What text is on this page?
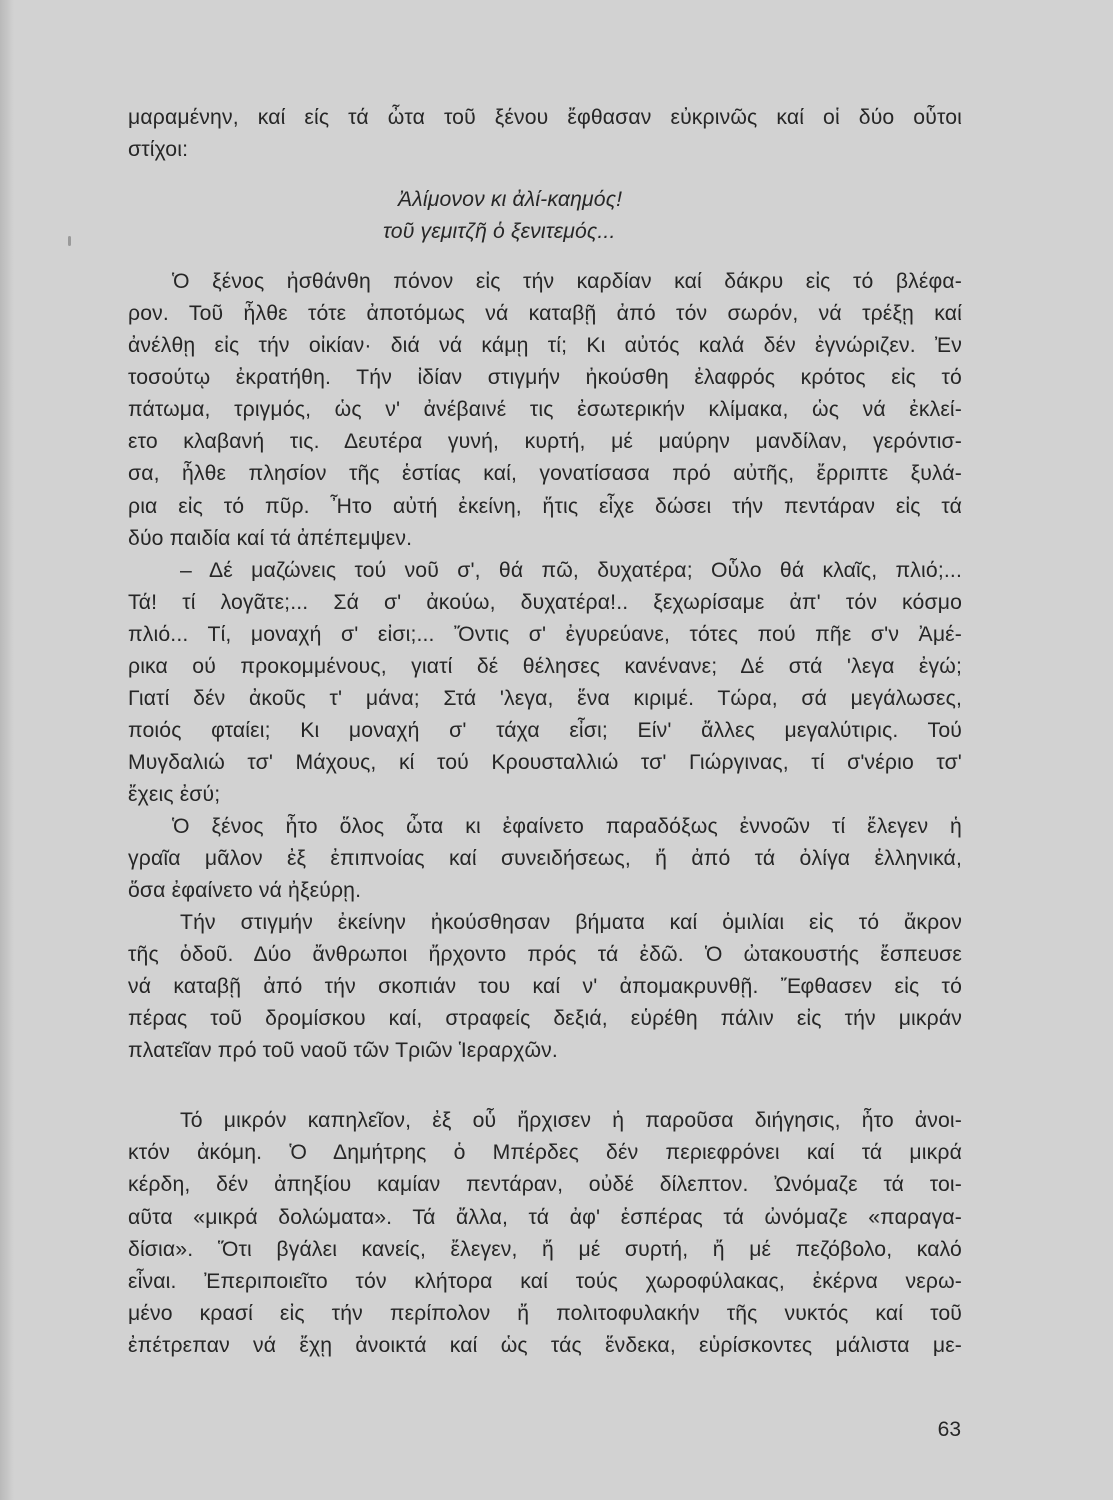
μαραμένην, καί είς τά ὦτα τοῦ ξένου ἔφθασαν εὐκρινῶς καί οἱ δύο οὗτοι
στίχοι:
Ἀλίμονον κι ἀλί-καημός!
τοῦ γεμιτζῆ ὁ ξενιτεμός...
Ὁ ξένος ἠσθάνθη πόνον εἰς τήν καρδίαν καί δάκρυ εἰς τό βλέφα-
ρον. Τοῦ ἦλθε τότε ἀποτόμως νά καταβῇ ἀπό τόν σωρόν, νά τρέξῃ καί
ἀνέλθῃ εἰς τήν οἰκίαν· διά νά κάμῃ τί; Κι αὐτός καλά δέν ἐγνώριζεν. Ἐν
τοσούτῳ ἐκρατήθη. Τήν ἰδίαν στιγμήν ἠκούσθη ἐλαφρός κρότος εἰς τό
πάτωμα, τριγμός, ὡς ν' ἀνέβαινέ τις ἐσωτερικήν κλίμακα, ὡς νά ἐκλεί-
ετο κλαβανή τις. Δευτέρα γυνή, κυρτή, μέ μαύρην μανδίλαν, γερόντισ-
σα, ἦλθε πλησίον τῆς ἑστίας καί, γονατίσασα πρό αὐτῆς, ἔρριπτε ξυλά-
ρια εἰς τό πῦρ. Ἦτο αὐτή ἐκείνη, ἥτις εἶχε δώσει τήν πεντάραν εἰς τά
δύο παιδία καί τά ἀπέπεμψεν.
– Δέ μαζώνεις τού νοῦ σ', θά πῶ, δυχατέρα; Οὗλο θά κλαῖς, πλιό;...
Τά! τί λογᾶτε;... Σά σ' ἀκούω, δυχατέρα!.. ξεχωρίσαμε ἀπ' τόν κόσμο
πλιό... Τί, μοναχή σ' εἰσι;... Ὄντις σ' ἐγυρεύανε, τότες πού πῆε σ'ν Ἀμέ-
ρικα ού προκομμένους, γιατί δέ θέλησες κανένανε; Δέ στά 'λεγα ἐγώ;
Γιατί δέν ἀκοῦς τ' μάνα; Στά 'λεγα, ἕνα κιριμέ. Τώρα, σά μεγάλωσες,
ποιός φταίει; Κι μοναχή σ' τάχα εἶσι; Είν' ἄλλες μεγαλύτιρις. Τού
Μυγδαλιώ τσ' Μάχους, κί τού Κρουσταλλιώ τσ' Γιώργινας, τί σ'νέριο τσ'
ἔχεις ἐσύ;
Ὁ ξένος ἦτο ὅλος ὦτα κι ἐφαίνετο παραδόξως ἐννοῶν τί ἔλεγεν ἡ
γραῖα μᾶλον ἐξ ἐπιπνοίας καί συνειδήσεως, ἤ ἀπό τά ὀλίγα ἑλληνικά,
ὅσα ἐφαίνετο νά ἠξεύρῃ.
Τήν στιγμήν ἐκείνην ἠκούσθησαν βήματα καί ὁμιλίαι εἰς τό ἄκρον
τῆς ὁδοῦ. Δύο ἄνθρωποι ἤρχοντο πρός τά ἐδῶ. Ὁ ὠτακουστής ἔσπευσε
νά καταβῇ ἀπό τήν σκοπιάν του καί ν' ἀπομακρυνθῇ. Ἔφθασεν εἰς τό
πέρας τοῦ δρομίσκου καί, στραφείς δεξιά, εὑρέθη πάλιν εἰς τήν μικράν
πλατεῖαν πρό τοῦ ναοῦ τῶν Τριῶν Ἱεραρχῶν.
Τό μικρόν καπηλεῖον, ἐξ οὗ ἤρχισεν ἡ παροῦσα διήγησις, ἦτο ἀνοι-
κτόν ἀκόμη. Ὁ Δημήτρης ὁ Μπέρδες δέν περιεφρόνει καί τά μικρά
κέρδη, δέν ἀπηξίου καμίαν πεντάραν, οὐδέ δίλεπτον. Ὠνόμαζε τά τοι-
αῦτα «μικρά δολώματα». Τά ἄλλα, τά ἀφ' ἑσπέρας τά ὠνόμαζε «παραγα-
δίσια». Ὅτι βγάλει κανείς, ἔλεγεν, ἤ μέ συρτή, ἤ μέ πεζόβολο, καλό
εἶναι. Ἐπεριποιεῖτο τόν κλήτορα καί τούς χωροφύλακας, ἐκέρνα νερω-
μένο κρασί εἰς τήν περίπολον ἤ πολιτοφυλακήν τῆς νυκτός καί τοῦ
ἐπέτρεπαν νά ἔχῃ ἀνοικτά καί ὡς τάς ἕνδεκα, εὑρίσκοντες μάλιστα με-
63
